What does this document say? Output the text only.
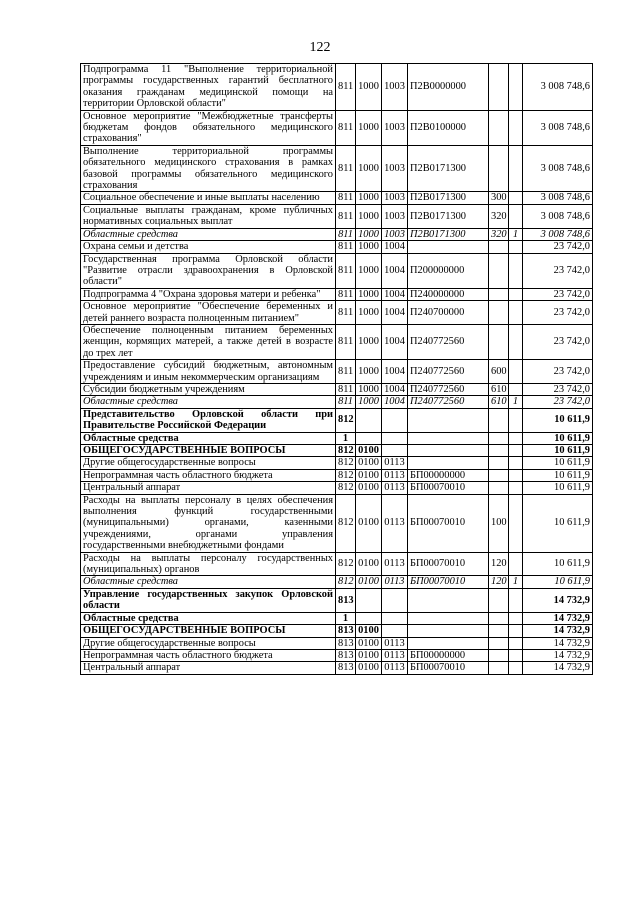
122
Подпрограмма 11 "Выполнение территориальной программы государственных гарантий бесплатного оказания гражданам медицинской помощи на территории Орловской области"	811	1000	1003	П2В0000000			3 008 748,6
Основное мероприятие "Межбюджетные трансферты бюджетам фондов обязательного медицинского страхования"	811	1000	1003	П2В0100000			3 008 748,6
Выполнение территориальной программы обязательного медицинского страхования в рамках базовой программы обязательного медицинского страхования	811	1000	1003	П2В0171300			3 008 748,6
Социальное обеспечение и иные выплаты населению	811	1000	1003	П2В0171300	300		3 008 748,6
Социальные выплаты гражданам, кроме публичных нормативных социальных выплат	811	1000	1003	П2В0171300	320		3 008 748,6
Областные средства	811	1000	1003	П2В0171300	320	1	3 008 748,6
Охрана семьи и детства	811	1000	1004				23 742,0
Государственная программа Орловской области "Развитие отрасли здравоохранения в Орловской области"	811	1000	1004	П200000000			23 742,0
Подпрограмма 4 "Охрана здоровья матери и ребенка"	811	1000	1004	П240000000			23 742,0
Основное мероприятие "Обеспечение беременных и детей раннего возраста полноценным питанием"	811	1000	1004	П240700000			23 742,0
Обеспечение полноценным питанием беременных женщин, кормящих матерей, а также детей в возрасте до трех лет	811	1000	1004	П240772560			23 742,0
Предоставление субсидий бюджетным, автономным учреждениям и иным некоммерческим организациям	811	1000	1004	П240772560	600		23 742,0
Субсидии бюджетным учреждениям	811	1000	1004	П240772560	610		23 742,0
Областные средства	811	1000	1004	П240772560	610	1	23 742,0
Представительство Орловской области при Правительстве Российской Федерации	812						10 611,9
Областные средства	1						10 611,9
ОБЩЕГОСУДАРСТВЕННЫЕ ВОПРОСЫ	812	0100					10 611,9
Другие общегосударственные вопросы	812	0100	0113				10 611,9
Непрограммная часть областного бюджета	812	0100	0113	БП00000000			10 611,9
Центральный аппарат	812	0100	0113	БП00070010			10 611,9
Расходы на выплаты персоналу в целях обеспечения выполнения функций государственными (муниципальными) органами, казенными учреждениями, органами управления государственными внебюджетными фондами	812	0100	0113	БП00070010	100		10 611,9
Расходы на выплаты персоналу государственных (муниципальных) органов	812	0100	0113	БП00070010	120		10 611,9
Областные средства	812	0100	0113	БП00070010	120	1	10 611,9
Управление государственных закупок Орловской области	813						14 732,9
Областные средства	1						14 732,9
ОБЩЕГОСУДАРСТВЕННЫЕ ВОПРОСЫ	813	0100					14 732,9
Другие общегосударственные вопросы	813	0100	0113				14 732,9
Непрограммная часть областного бюджета	813	0100	0113	БП00000000			14 732,9
Центральный аппарат	813	0100	0113	БП00070010			14 732,9
